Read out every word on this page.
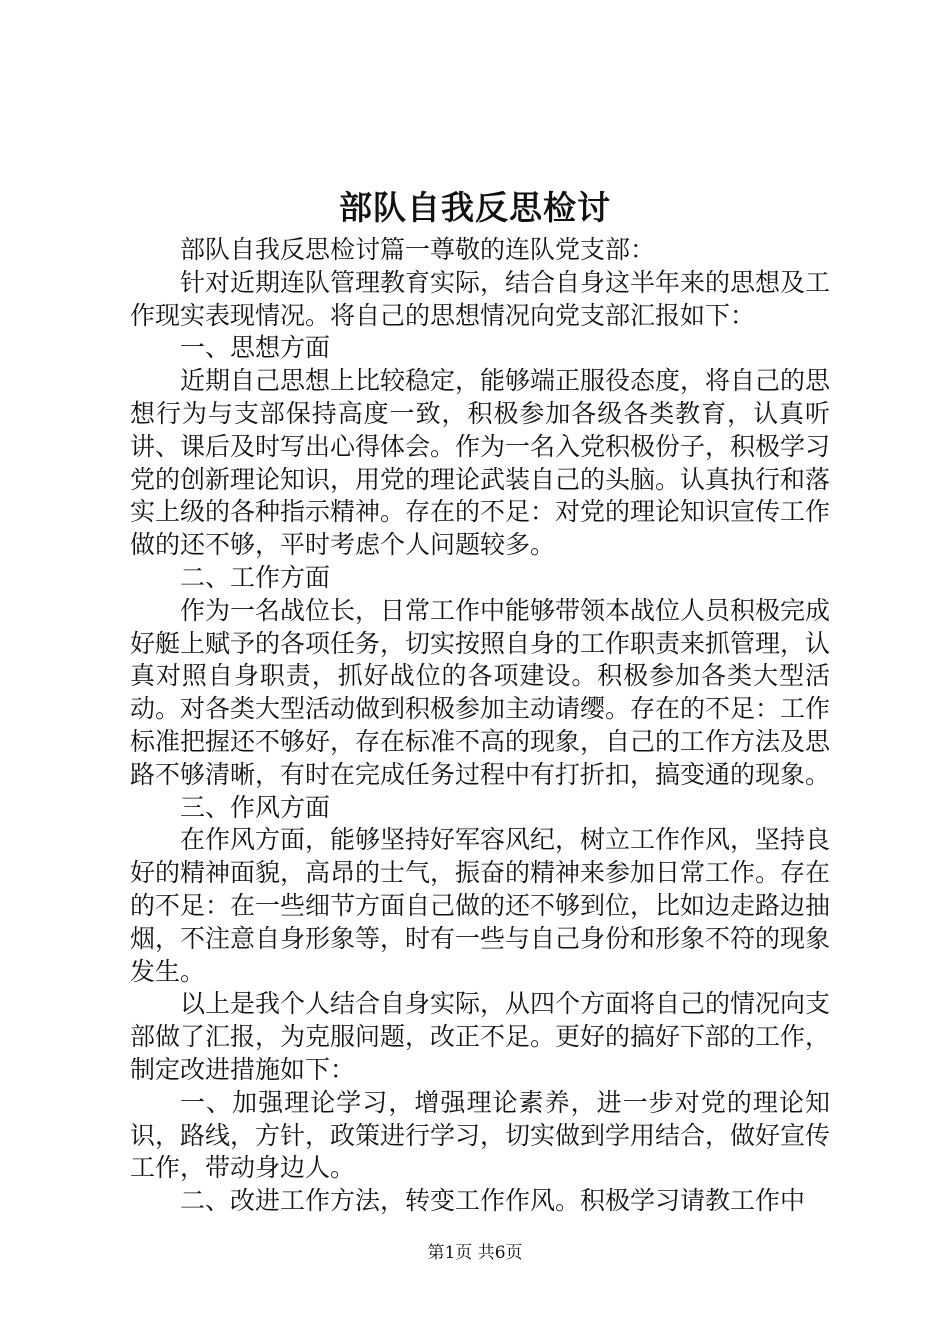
部队自我反思检讨

部队自我反思检讨篇一尊敬的连队党支部：

针对近期连队管理教育实际，结合自身这半年来的思想及工作现实表现情况。将自己的思想情况向党支部汇报如下：

一、思想方面

近期自己思想上比较稳定，能够端正服役态度，将自己的思想行为与支部保持高度一致，积极参加各级各类教育，认真听讲、课后及时写出心得体会。作为一名入党积极份子，积极学习党的创新理论知识，用党的理论武装自己的头脑。认真执行和落实上级的各种指示精神。存在的不足：对党的理论知识宣传工作做的还不够，平时考虑个人问题较多。

二、工作方面

作为一名战位长，日常工作中能够带领本战位人员积极完成好艇上赋予的各项任务，切实按照自身的工作职责来抓管理，认真对照自身职责，抓好战位的各项建设。积极参加各类大型活动。对各类大型活动做到积极参加主动请缨。存在的不足：工作标准把握还不够好，存在标准不高的现象，自己的工作方法及思路不够清晰，有时在完成任务过程中有打折扣，搞变通的现象。

三、作风方面

在作风方面，能够坚持好军容风纪，树立工作作风，坚持良好的精神面貌，高昂的士气，振奋的精神来参加日常工作。存在的不足：在一些细节方面自己做的还不够到位，比如边走路边抽烟，不注意自身形象等，时有一些与自己身份和形象不符的现象发生。

以上是我个人结合自身实际，从四个方面将自己的情况向支部做了汇报，为克服问题，改正不足。更好的搞好下部的工作，制定改进措施如下：

一、加强理论学习，增强理论素养，进一步对党的理论知识，路线，方针，政策进行学习，切实做到学用结合，做好宣传工作，带动身边人。

二、改进工作方法，转变工作作风。积极学习请教工作中

第1页 共6页
